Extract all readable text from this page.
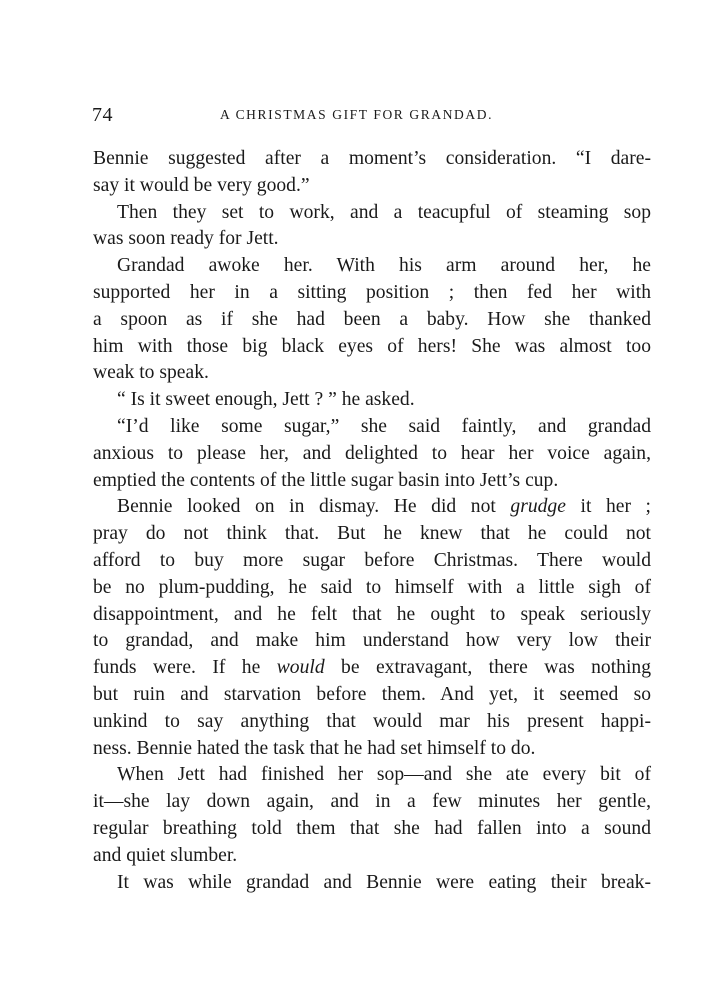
74	A CHRISTMAS GIFT FOR GRANDAD.
Bennie suggested after a moment’s consideration. “I dare-
say it would be very good.”
Then they set to work, and a teacupful of steaming sop
was soon ready for Jett.
Grandad awoke her. With his arm around her, he
supported her in a sitting position ; then fed her with
a spoon as if she had been a baby. How she thanked
him with those big black eyes of hers! She was almost too
weak to speak.
“ Is it sweet enough, Jett ? ” he asked.
“I’d like some sugar,” she said faintly, and grandad
anxious to please her, and delighted to hear her voice again,
emptied the contents of the little sugar basin into Jett’s cup.
Bennie looked on in dismay. He did not grudge it her ;
pray do not think that. But he knew that he could not
afford to buy more sugar before Christmas. There would
be no plum-pudding, he said to himself with a little sigh of
disappointment, and he felt that he ought to speak seriously
to grandad, and make him understand how very low their
funds were. If he would be extravagant, there was nothing
but ruin and starvation before them. And yet, it seemed so
unkind to say anything that would mar his present happi-
ness. Bennie hated the task that he had set himself to do.
When Jett had finished her sop—and she ate every bit of
it—she lay down again, and in a few minutes her gentle,
regular breathing told them that she had fallen into a sound
and quiet slumber.
It was while grandad and Bennie were eating their break-
